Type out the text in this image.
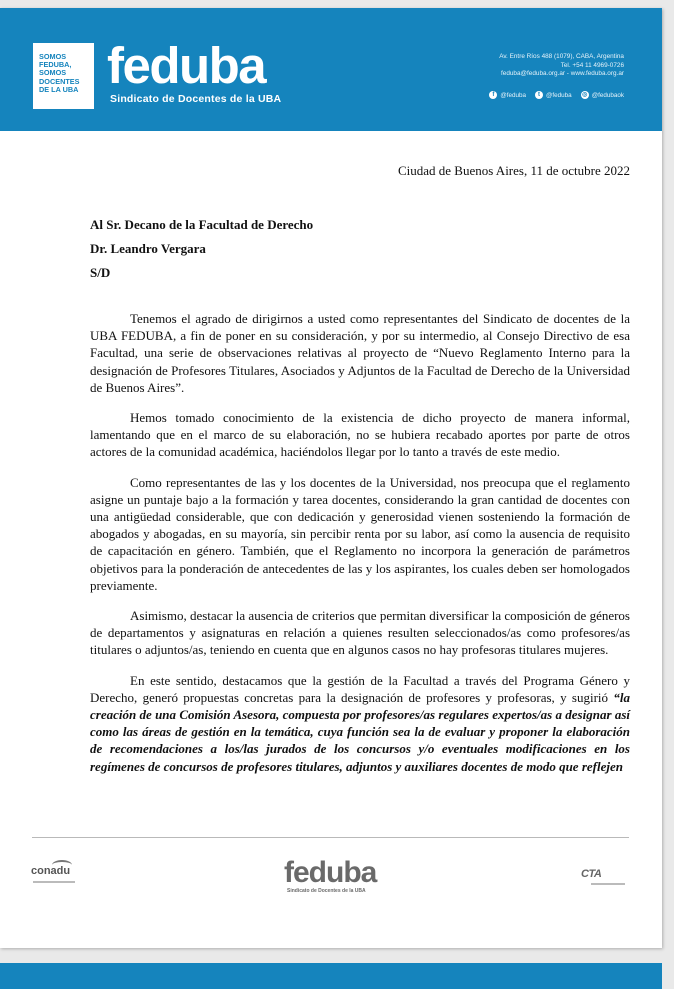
SOMOS
FEDUBA,
SOMOS
DOCENTES
DE LA UBA feduba
Sindicato de Docentes de la UBA
Av. Entre Ríos 488 (1079), CABA, Argentina
Tel. +54 11 4969-0726
feduba@feduba.org.ar - www.feduba.org.ar
f @feduba	t @feduba ◎ @fedubaok
Ciudad de Buenos Aires, 11 de octubre 2022
Al Sr. Decano de la Facultad de Derecho
Dr. Leandro Vergara
S/D

Tenemos el agrado de dirigirnos a usted como representantes del Sindicato de docentes de la UBA FEDUBA, a fin de poner en su consideración, y por su intermedio, al Consejo Directivo de esa Facultad, una serie de observaciones relativas al proyecto de “Nuevo Reglamento Interno para la designación de Profesores Titulares, Asociados y Adjuntos de la Facultad de Derecho de la Universidad de Buenos Aires”.

Hemos tomado conocimiento de la existencia de dicho proyecto de manera informal, lamentando que en el marco de su elaboración, no se hubiera recabado aportes por parte de otros actores de la comunidad académica, haciéndolos llegar por lo tanto a través de este medio.

Como representantes de las y los docentes de la Universidad, nos preocupa que el reglamento asigne un puntaje bajo a la formación y tarea docentes, considerando la gran cantidad de docentes con una antigüedad considerable, que con dedicación y generosidad vienen sosteniendo la formación de abogados y abogadas, en su mayoría, sin percibir renta por su labor, así como la ausencia de requisito de capacitación en género. También, que el Reglamento no incorpora la generación de parámetros objetivos para la ponderación de antecedentes de las y los aspirantes, los cuales deben ser homologados previamente.

Asimismo, destacar la ausencia de criterios que permitan diversificar la composición de géneros de departamentos y asignaturas en relación a quienes resulten seleccionados/as como profesores/as titulares o adjuntos/as, teniendo en cuenta que en algunos casos no hay profesoras titulares mujeres.

En este sentido, destacamos que la gestión de la Facultad a través del Programa Género y Derecho, generó propuestas concretas para la designación de profesores y profesoras, y sugirió “la creación de una Comisión Asesora, compuesta por profesores/as regulares expertos/as a designar así como las áreas de gestión en la temática, cuya función sea la de evaluar y proponer la elaboración de recomendaciones a los/las jurados de los concursos y/o eventuales modificaciones en los regímenes de concursos de profesores titulares, adjuntos y auxiliares docentes de modo que reflejen

conadu	feduba
Sindicato de Docentes de la UBA
CTA
